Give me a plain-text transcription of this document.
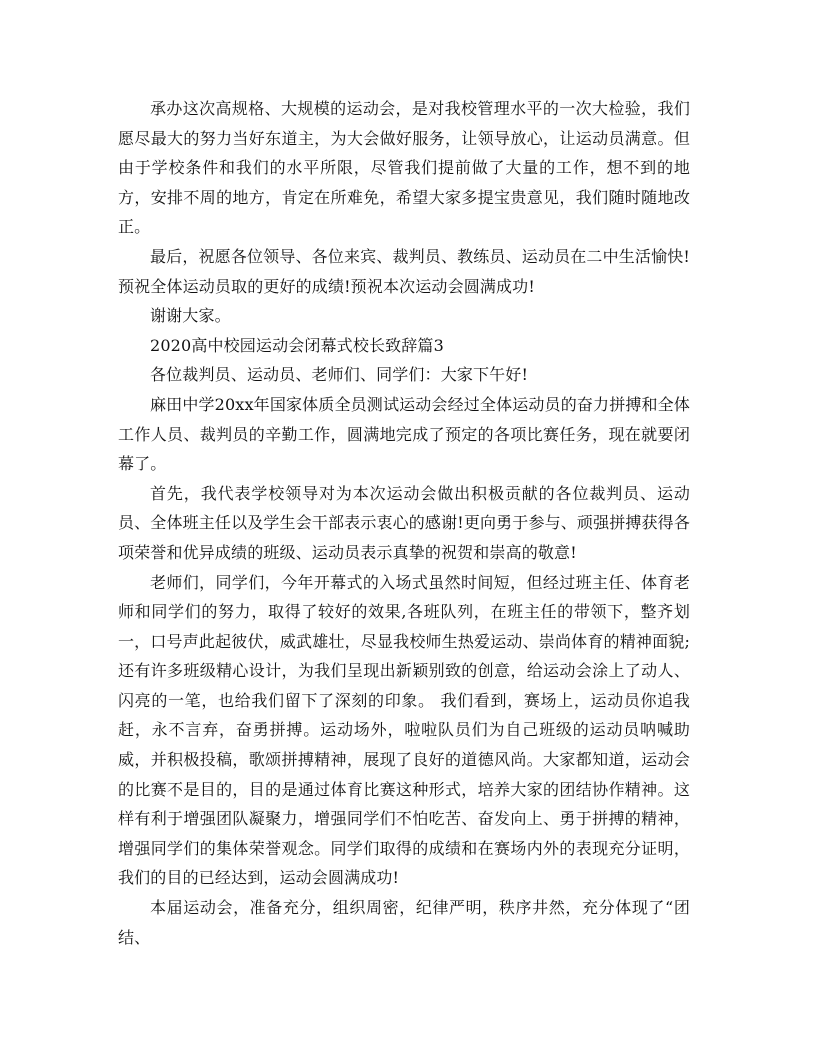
承办这次高规格、大规模的运动会，是对我校管理水平的一次大检验，我们愿尽最大的努力当好东道主，为大会做好服务，让领导放心，让运动员满意。但由于学校条件和我们的水平所限，尽管我们提前做了大量的工作，想不到的地方，安排不周的地方，肯定在所难免，希望大家多提宝贵意见，我们随时随地改正。

最后，祝愿各位领导、各位来宾、裁判员、教练员、运动员在二中生活愉快!预祝全体运动员取的更好的成绩!预祝本次运动会圆满成功!

谢谢大家。

2020高中校园运动会闭幕式校长致辞篇3

各位裁判员、运动员、老师们、同学们：大家下午好!

麻田中学20xx年国家体质全员测试运动会经过全体运动员的奋力拼搏和全体工作人员、裁判员的辛勤工作，圆满地完成了预定的各项比赛任务，现在就要闭幕了。

首先，我代表学校领导对为本次运动会做出积极贡献的各位裁判员、运动员、全体班主任以及学生会干部表示衷心的感谢!更向勇于参与、顽强拼搏获得各项荣誉和优异成绩的班级、运动员表示真挚的祝贺和崇高的敬意!

老师们，同学们，今年开幕式的入场式虽然时间短，但经过班主任、体育老师和同学们的努力，取得了较好的效果,各班队列，在班主任的带领下，整齐划一，口号声此起彼伏，威武雄壮，尽显我校师生热爱运动、崇尚体育的精神面貌;还有许多班级精心设计，为我们呈现出新颖别致的创意，给运动会涂上了动人、闪亮的一笔，也给我们留下了深刻的印象。 我们看到，赛场上，运动员你追我赶，永不言弃，奋勇拼搏。运动场外，啦啦队员们为自己班级的运动员呐喊助威，并积极投稿，歌颂拼搏精神，展现了良好的道德风尚。大家都知道，运动会的比赛不是目的，目的是通过体育比赛这种形式，培养大家的团结协作精神。这样有利于增强团队凝聚力，增强同学们不怕吃苦、奋发向上、勇于拼搏的精神，增强同学们的集体荣誉观念。同学们取得的成绩和在赛场内外的表现充分证明，我们的目的已经达到，运动会圆满成功!

本届运动会，准备充分，组织周密，纪律严明，秩序井然，充分体现了“团结、
